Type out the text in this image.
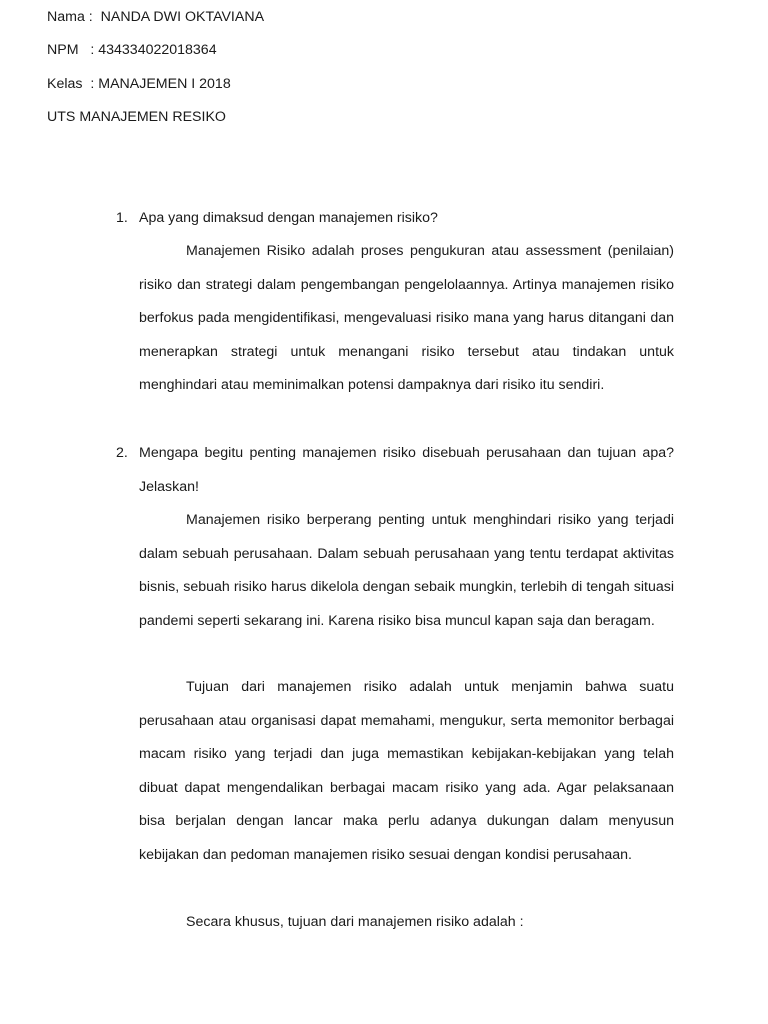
Nama :  NANDA DWI OKTAVIANA
NPM   : 434334022018364
Kelas  : MANAJEMEN I 2018
UTS MANAJEMEN RESIKO
1. Apa yang dimaksud dengan manajemen risiko?

Manajemen Risiko adalah proses pengukuran atau assessment (penilaian) risiko dan strategi dalam pengembangan pengelolaannya. Artinya manajemen risiko berfokus pada mengidentifikasi, mengevaluasi risiko mana yang harus ditangani dan menerapkan strategi untuk menangani risiko tersebut atau tindakan untuk menghindari atau meminimalkan potensi dampaknya dari risiko itu sendiri.

2. Mengapa begitu penting manajemen risiko disebuah perusahaan dan tujuan apa? Jelaskan!

Manajemen risiko berperang penting untuk menghindari risiko yang terjadi dalam sebuah perusahaan. Dalam sebuah perusahaan yang tentu terdapat aktivitas bisnis, sebuah risiko harus dikelola dengan sebaik mungkin, terlebih di tengah situasi pandemi seperti sekarang ini. Karena risiko bisa muncul kapan saja dan beragam.

Tujuan dari manajemen risiko adalah untuk menjamin bahwa suatu perusahaan atau organisasi dapat memahami, mengukur, serta memonitor berbagai macam risiko yang terjadi dan juga memastikan kebijakan-kebijakan yang telah dibuat dapat mengendalikan berbagai macam risiko yang ada. Agar pelaksanaan bisa berjalan dengan lancar maka perlu adanya dukungan dalam menyusun kebijakan dan pedoman manajemen risiko sesuai dengan kondisi perusahaan.

Secara khusus, tujuan dari manajemen risiko adalah :
